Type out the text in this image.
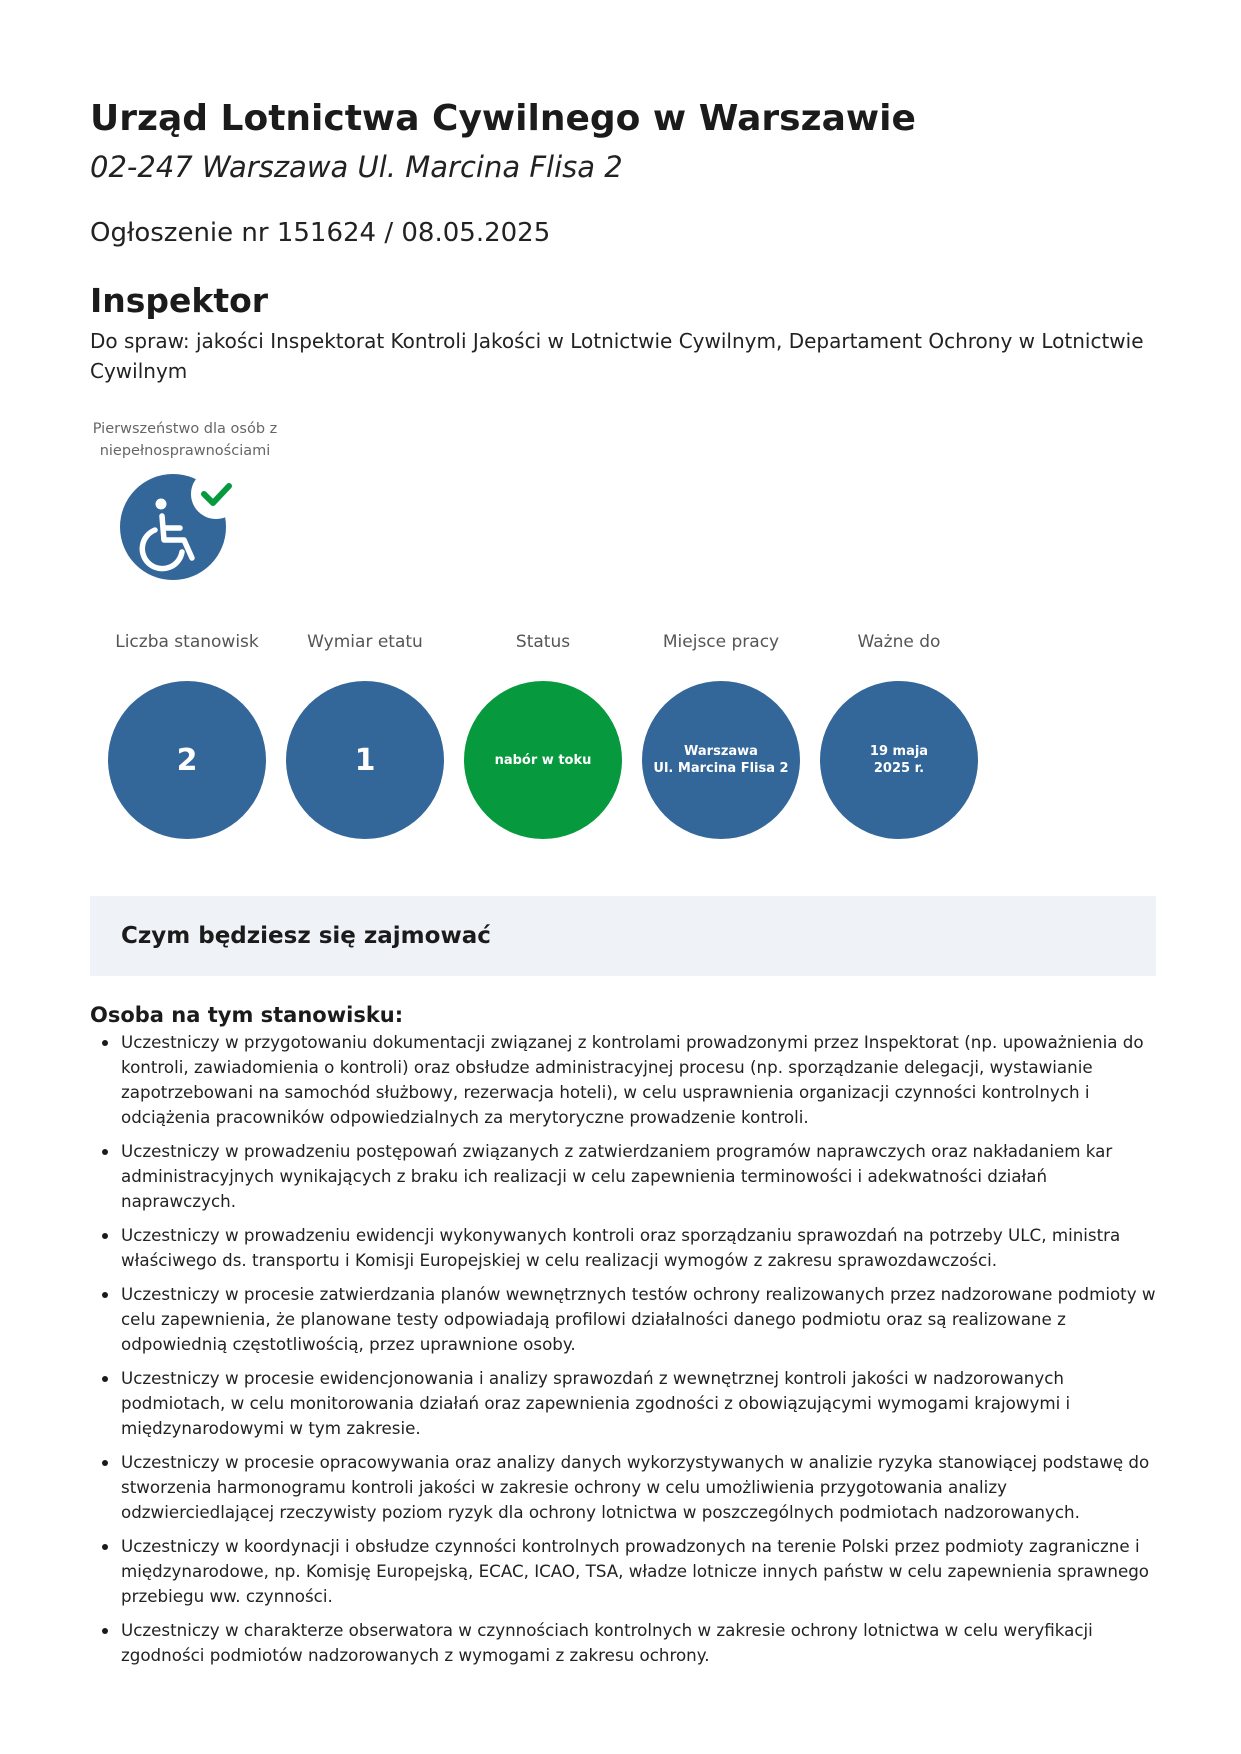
Urząd Lotnictwa Cywilnego w Warszawie

02-247 Warszawa Ul. Marcina Flisa 2

Ogłoszenie nr 151624 / 08.05.2025

Inspektor

Do spraw: jakości Inspektorat Kontroli Jakości w Lotnictwie Cywilnym, Departament Ochrony w Lotnictwie Cywilnym

Pierwszeństwo dla osób z niepełnosprawnościami
Liczba stanowisk
2
Wymiar etatu
1
Status
nabór w toku
Miejsce pracy
Warszawa
Ul. Marcina Flisa 2
Ważne do
19 maja
2025 r.
Czym będziesz się zajmować
Osoba na tym stanowisku:
Uczestniczy w przygotowaniu dokumentacji związanej z kontrolami prowadzonymi przez Inspektorat (np. upoważnienia do kontroli, zawiadomienia o kontroli) oraz obsłudze administracyjnej procesu (np. sporządzanie delegacji, wystawianie zapotrzebowani na samochód służbowy, rezerwacja hoteli), w celu usprawnienia organizacji czynności kontrolnych i odciążenia pracowników odpowiedzialnych za merytoryczne prowadzenie kontroli.
Uczestniczy w prowadzeniu postępowań związanych z zatwierdzaniem programów naprawczych oraz nakładaniem kar administracyjnych wynikających z braku ich realizacji w celu zapewnienia terminowości i adekwatności działań naprawczych.
Uczestniczy w prowadzeniu ewidencji wykonywanych kontroli oraz sporządzaniu sprawozdań na potrzeby ULC, ministra właściwego ds. transportu i Komisji Europejskiej w celu realizacji wymogów z zakresu sprawozdawczości.
Uczestniczy w procesie zatwierdzania planów wewnętrznych testów ochrony realizowanych przez nadzorowane podmioty w celu zapewnienia, że planowane testy odpowiadają profilowi działalności danego podmiotu oraz są realizowane z odpowiednią częstotliwością, przez uprawnione osoby.
Uczestniczy w procesie ewidencjonowania i analizy sprawozdań z wewnętrznej kontroli jakości w nadzorowanych podmiotach, w celu monitorowania działań oraz zapewnienia zgodności z obowiązującymi wymogami krajowymi i międzynarodowymi w tym zakresie.
Uczestniczy w procesie opracowywania oraz analizy danych wykorzystywanych w analizie ryzyka stanowiącej podstawę do stworzenia harmonogramu kontroli jakości w zakresie ochrony w celu umożliwienia przygotowania analizy odzwierciedlającej rzeczywisty poziom ryzyk dla ochrony lotnictwa w poszczególnych podmiotach nadzorowanych.
Uczestniczy w koordynacji i obsłudze czynności kontrolnych prowadzonych na terenie Polski przez podmioty zagraniczne i międzynarodowe, np. Komisję Europejską, ECAC, ICAO, TSA, władze lotnicze innych państw w celu zapewnienia sprawnego przebiegu ww. czynności.
Uczestniczy w charakterze obserwatora w czynnościach kontrolnych w zakresie ochrony lotnictwa w celu weryfikacji zgodności podmiotów nadzorowanych z wymogami z zakresu ochrony.
